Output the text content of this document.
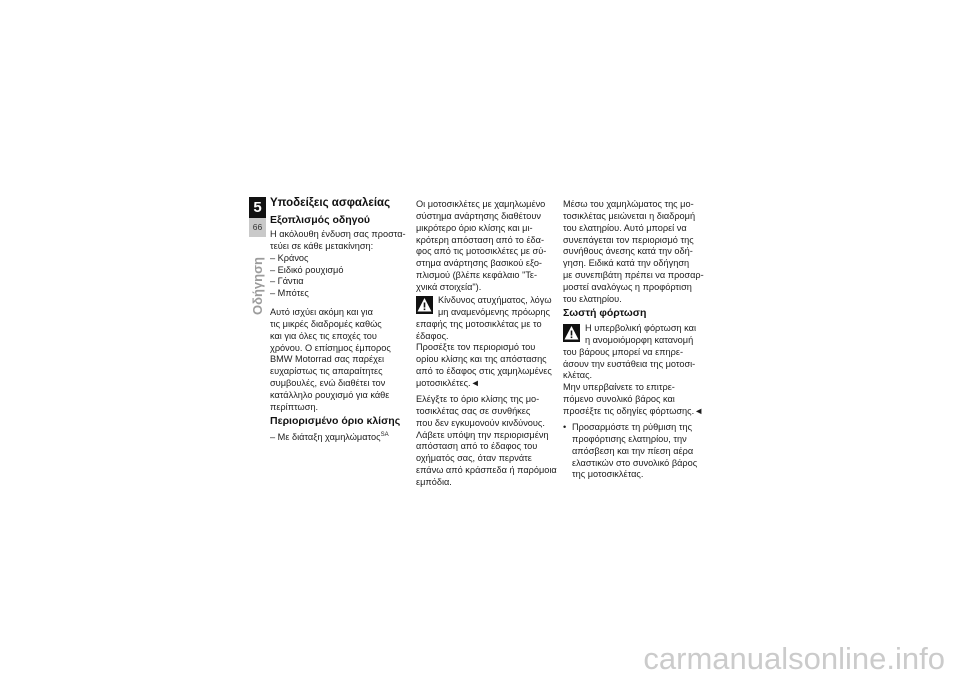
5
66
Οδήγηση
Υποδείξεις ασφαλείας
Εξοπλισμός οδηγού
Η ακόλουθη ένδυση σας προστα-
τεύει σε κάθε μετακίνηση:
– Κράνος
– Ειδικό ρουχισμό
– Γάντια
– Μπότες
Αυτό ισχύει ακόμη και για
τις μικρές διαδρομές καθώς
και για όλες τις εποχές του
χρόνου. Ο επίσημος έμπορος
BMW Motorrad σας παρέχει
ευχαρίστως τις απαραίτητες
συμβουλές, ενώ διαθέτει τον
κατάλληλο ρουχισμό για κάθε
περίπτωση.
Περιορισμένο όριο κλίσης
– Με διάταξη χαμηλώματος$^{SA}$
Οι μοτοσικλέτες με χαμηλωμένο
σύστημα ανάρτησης διαθέτουν
μικρότερο όριο κλίσης και μι-
κρότερη απόσταση από το έδα-
φος από τις μοτοσικλέτες με σύ-
στημα ανάρτησης βασικού εξο-
πλισμού (βλέπε κεφάλαιο "Τε-
χνικά στοιχεία").
Κίνδυνος ατυχήματος, λόγω
μη αναμενόμενης πρόωρης
επαφής της μοτοσικλέτας με το
έδαφος.
Προσέξτε τον περιορισμό του
ορίου κλίσης και της απόστασης
από το έδαφος στις χαμηλωμένες
μοτοσικλέτες.◄
Ελέγξτε το όριο κλίσης της μο-
τοσικλέτας σας σε συνθήκες
που δεν εγκυμονούν κινδύνους.
Λάβετε υπόψη την περιορισμένη
απόσταση από το έδαφος του
οχήματός σας, όταν περνάτε
επάνω από κράσπεδα ή παρόμοια
εμπόδια.
Μέσω του χαμηλώματος της μο-
τοσικλέτας μειώνεται η διαδρομή
του ελατηρίου. Αυτό μπορεί να
συνεπάγεται τον περιορισμό της
συνήθους άνεσης κατά την οδή-
γηση. Ειδικά κατά την οδήγηση
με συνεπιβάτη πρέπει να προσαρ-
μοστεί αναλόγως η προφόρτιση
του ελατηρίου.
Σωστή φόρτωση
Η υπερβολική φόρτωση και
η ανομοιόμορφη κατανομή
του βάρους μπορεί να επηρε-
άσουν την ευστάθεια της μοτοσι-
κλέτας.
Μην υπερβαίνετε το επιτρε-
πόμενο συνολικό βάρος και
προσέξτε τις οδηγίες φόρτωσης.◄
• Προσαρμόστε τη ρύθμιση της
προφόρτισης ελατηρίου, την
απόσβεση και την πίεση αέρα
ελαστικών στο συνολικό βάρος
της μοτοσικλέτας.
carmanualsonline.info
